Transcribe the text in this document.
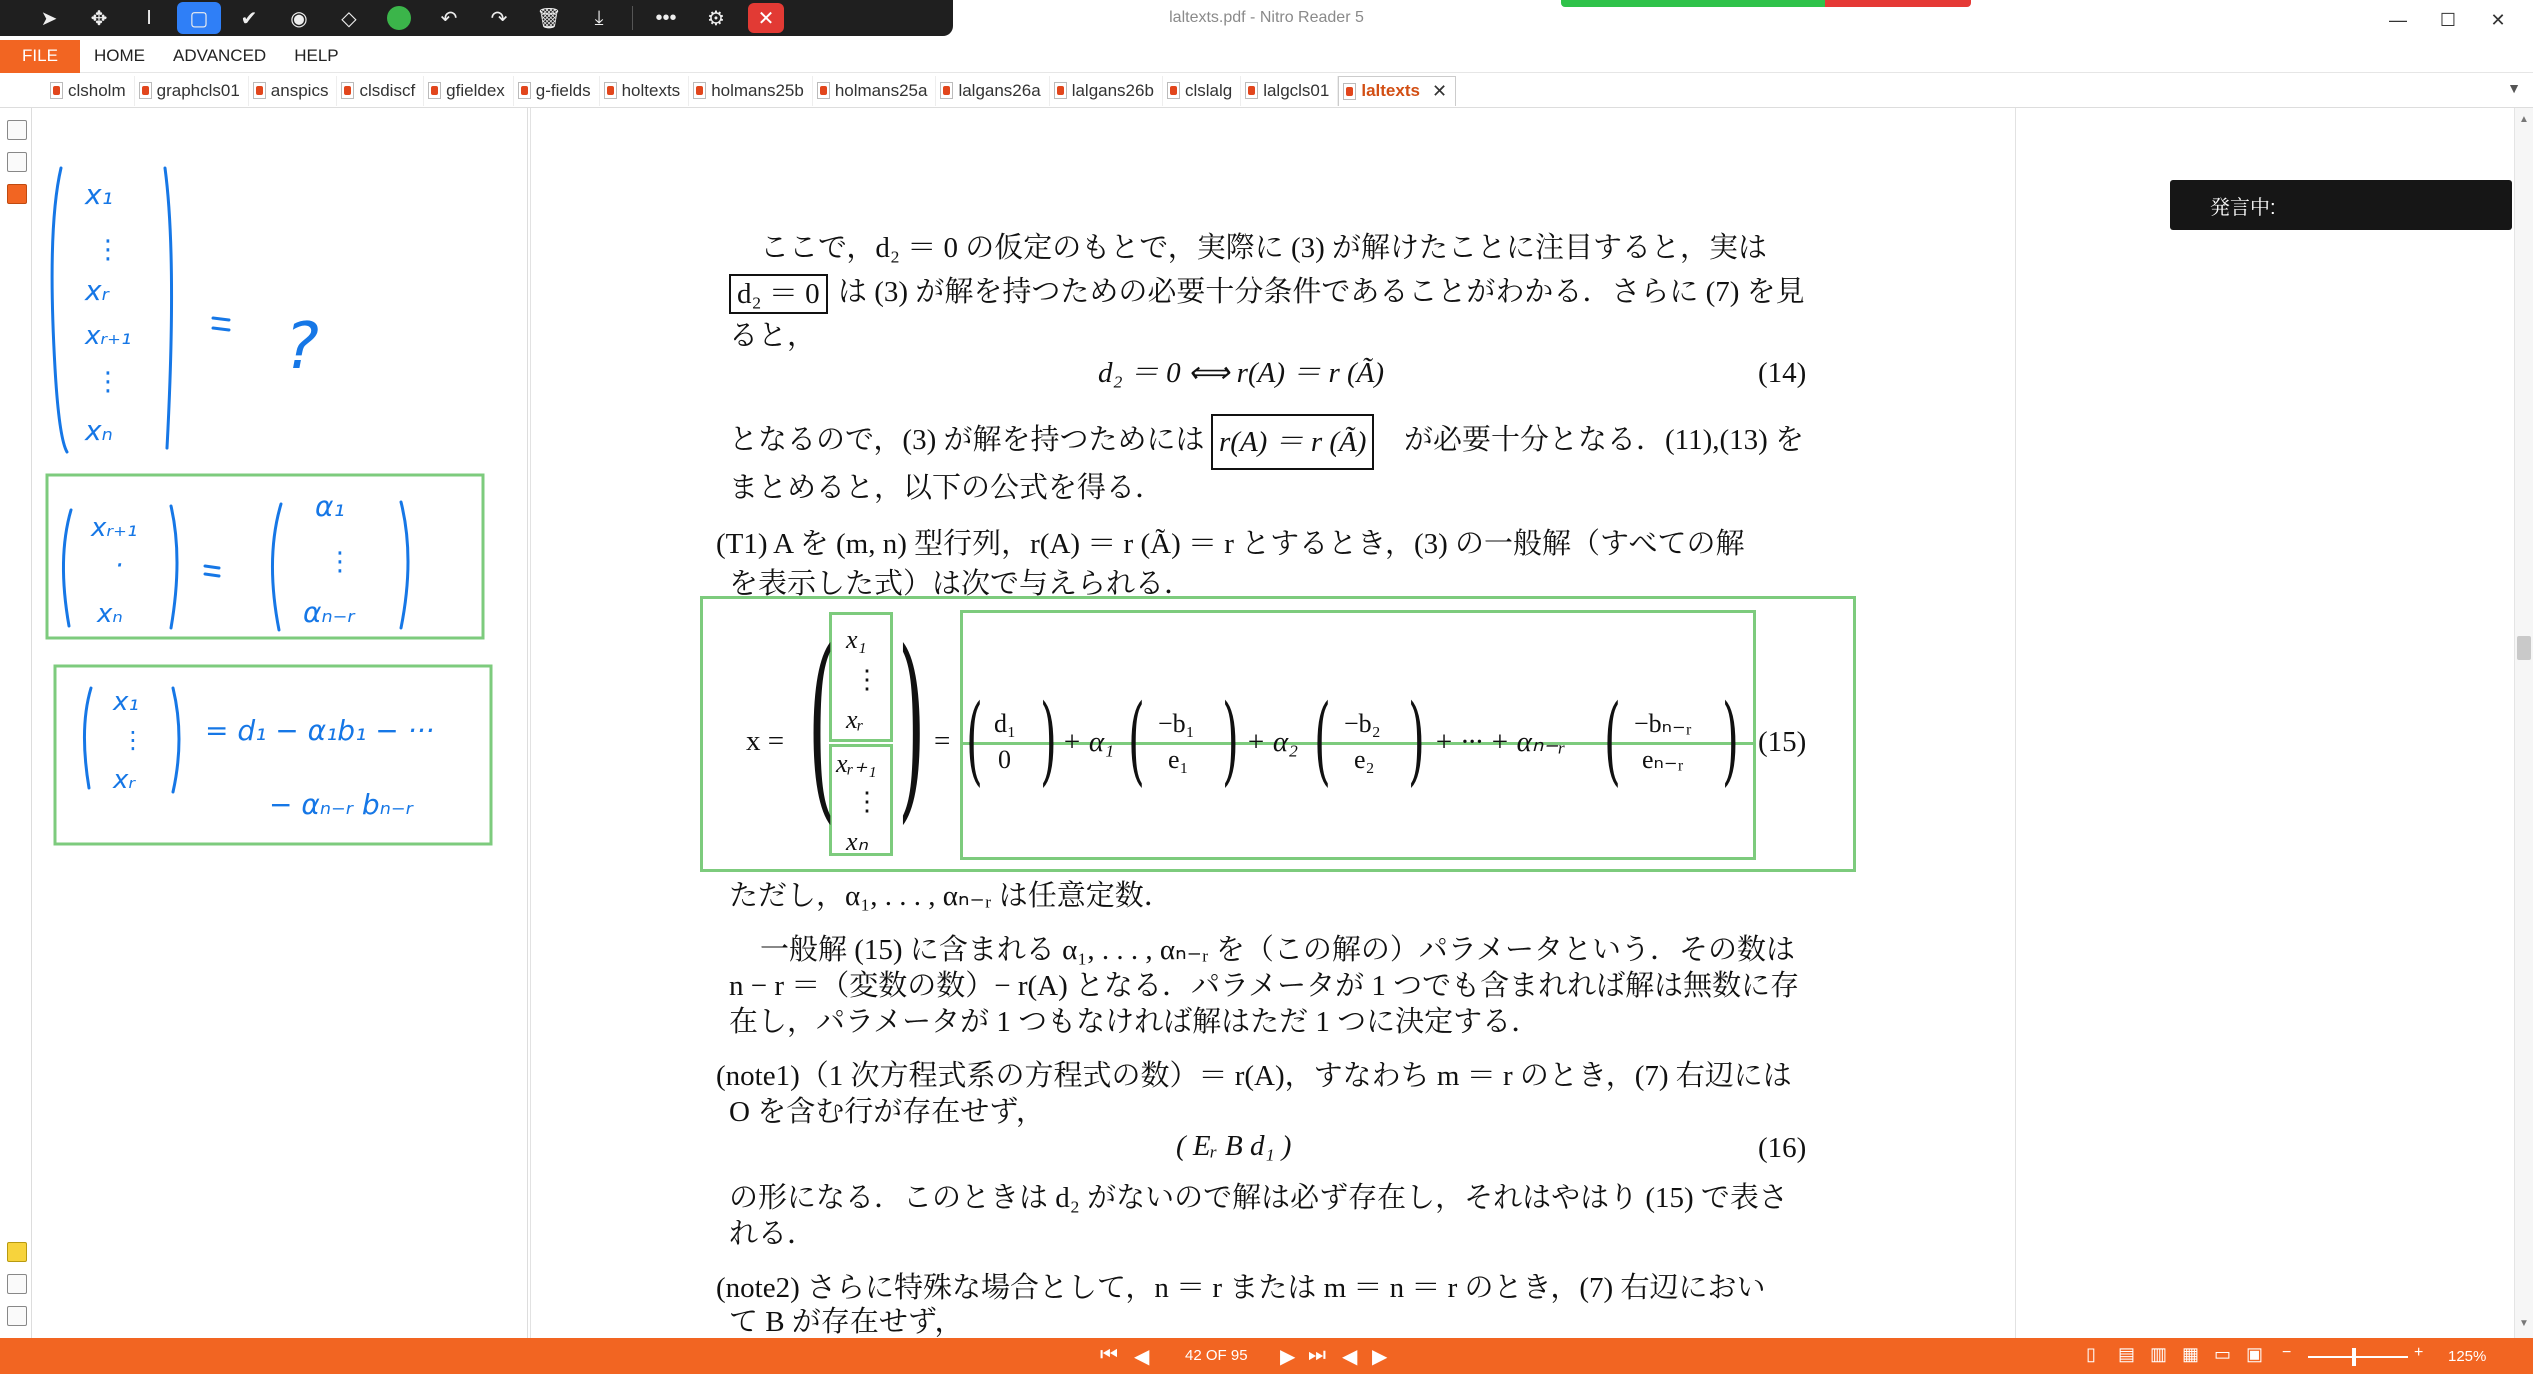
laltexts.pdf - Nitro Reader 5	—	☐	✕
➤	✥	I	▢	✔	◉	◇	↶	↷	🗑	⤓	•••	⚙	✕
FILE	HOME	ADVANCED	HELP
clsholm graphcls01 anspics clsdiscf gfieldex g-fields holtexts holmans25b holmans25a lalgans26a lalgans26b clslalg lalgcls01 laltexts ✕	▼
x₁
⋮
xᵣ
xᵣ₊₁
⋮
xₙ
?
xᵣ₊₁
·
xₙ
α₁
⋮
αₙ₋ᵣ
x₁
⋮
xᵣ
= d₁ − α₁b₁ − ···
− αₙ₋ᵣ bₙ₋ᵣ
ここで，d₂ ＝ 0 の仮定のもとで，実際に (3) が解けたことに注目すると，実は
d₂ ＝ 0 は (3) が解を持つための必要十分条件であることがわかる．さらに (7) を見
ると，
d₂ ＝ 0 ⟺ r(A) ＝ r (Ã)	(14)
となるので，(3) が解を持つためには r(A) ＝ r (Ã) が必要十分となる．(11),(13) を
まとめると，以下の公式を得る．
(T1) A を (m, n) 型行列，r(A) ＝ r (Ã) ＝ r とするとき，(3) の一般解（すべての解
を表示した式）は次で与えられる．
x = ( )
x₁
⋮
xᵣ
xᵣ₊₁
⋮
xₙ
= ( d₁
0 ) + α₁ ( −b₁
e₁ ) + α₂ ( −b₂
e₂ ) + ··· + αₙ₋ᵣ ( −bₙ₋ᵣ
eₙ₋ᵣ ) (15)
ただし，α₁, . . . , αₙ₋ᵣ は任意定数．
一般解 (15) に含まれる α₁, . . . , αₙ₋ᵣ を（この解の）パラメータという．その数は
n − r ＝（変数の数）− r(A) となる．パラメータが 1 つでも含まれれば解は無数に存
在し，パラメータが 1 つもなければ解はただ 1 つに決定する．
(note1)（1 次方程式系の方程式の数）＝ r(A)，すなわち m ＝ r のとき，(7) 右辺には
O を含む行が存在せず，
( Eᵣ B d₁ )	(16)
の形になる．このときは d₂ がないので解は必ず存在し，それはやはり (15) で表さ
れる．
(note2) さらに特殊な場合として，n ＝ r または m ＝ n ＝ r のとき，(7) 右辺におい
て B が存在せず，
発言中:
▲
▼
⏮ ◀ 42 OF 95 ▶ ⏭ ◀ ▶	▯ ▤ ▥ ▦ ▭ ▣ −	+ 125%
